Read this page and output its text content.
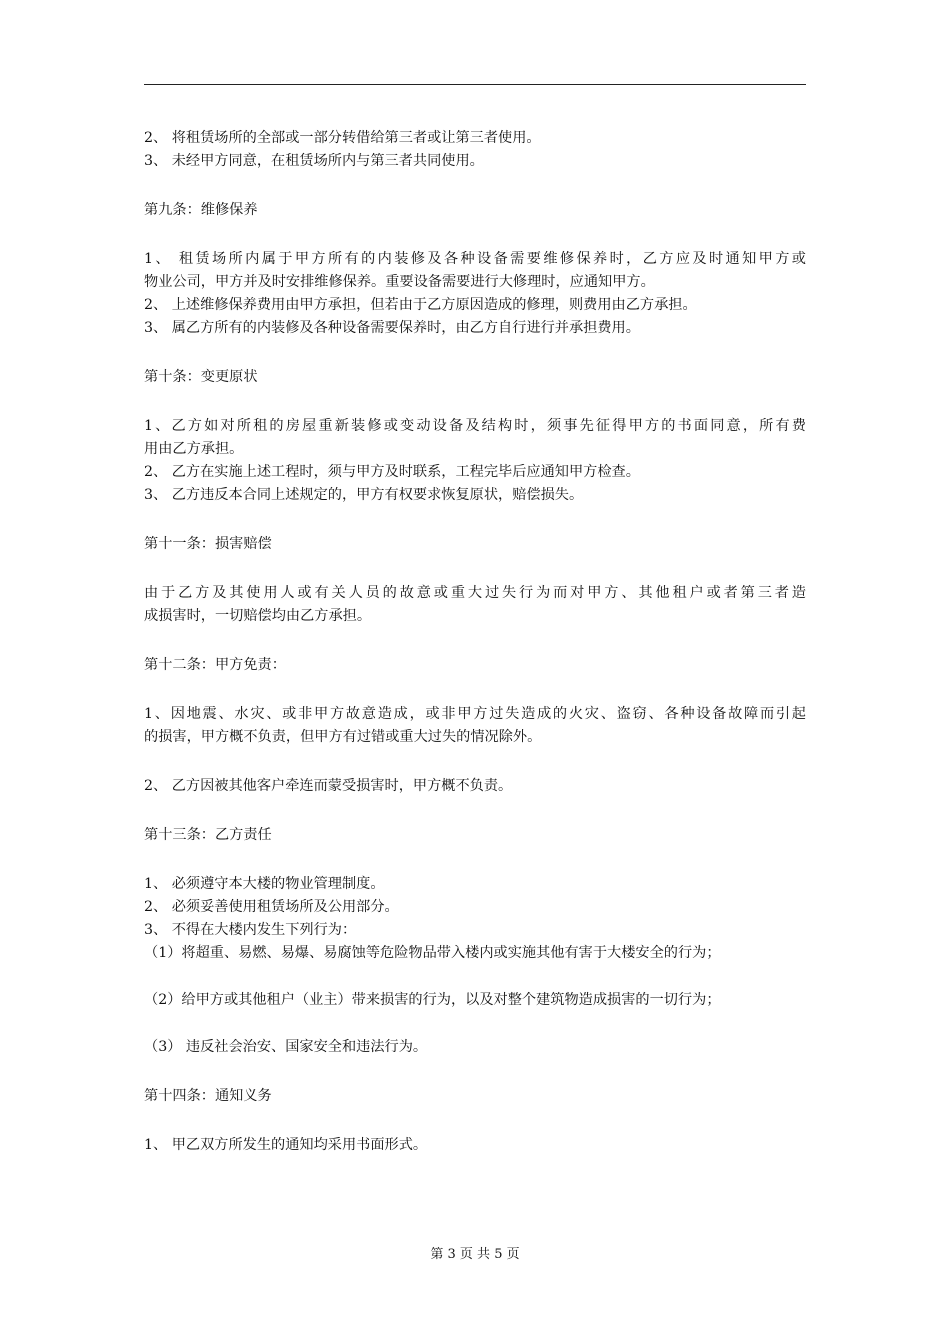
2、 将租赁场所的全部或一部分转借给第三者或让第三者使用。
3、 未经甲方同意，在租赁场所内与第三者共同使用。
第九条：维修保养
1、 租赁场所内属于甲方所有的内装修及各种设备需要维修保养时，乙方应及时通知甲方或
物业公司，甲方并及时安排维修保养。重要设备需要进行大修理时，应通知甲方。
2、 上述维修保养费用由甲方承担，但若由于乙方原因造成的修理，则费用由乙方承担。
3、 属乙方所有的内装修及各种设备需要保养时，由乙方自行进行并承担费用。
第十条：变更原状
1、乙方如对所租的房屋重新装修或变动设备及结构时，须事先征得甲方的书面同意，所有费
用由乙方承担。
2、 乙方在实施上述工程时，须与甲方及时联系，工程完毕后应通知甲方检查。
3、 乙方违反本合同上述规定的，甲方有权要求恢复原状，赔偿损失。
第十一条：损害赔偿
由于乙方及其使用人或有关人员的故意或重大过失行为而对甲方、其他租户或者第三者造
成损害时，一切赔偿均由乙方承担。
第十二条：甲方免责：
1、因地震、水灾、或非甲方故意造成，或非甲方过失造成的火灾、盗窃、各种设备故障而引起
的损害，甲方概不负责，但甲方有过错或重大过失的情况除外。
2、 乙方因被其他客户牵连而蒙受损害时，甲方概不负责。
第十三条：乙方责任
1、 必须遵守本大楼的物业管理制度。
2、 必须妥善使用租赁场所及公用部分。
3、 不得在大楼内发生下列行为：
（1）将超重、易燃、易爆、易腐蚀等危险物品带入楼内或实施其他有害于大楼安全的行为；
（2）给甲方或其他租户（业主）带来损害的行为，以及对整个建筑物造成损害的一切行为；
（3） 违反社会治安、国家安全和违法行为。
第十四条：通知义务
1、 甲乙双方所发生的通知均采用书面形式。
第 3 页 共 5 页
